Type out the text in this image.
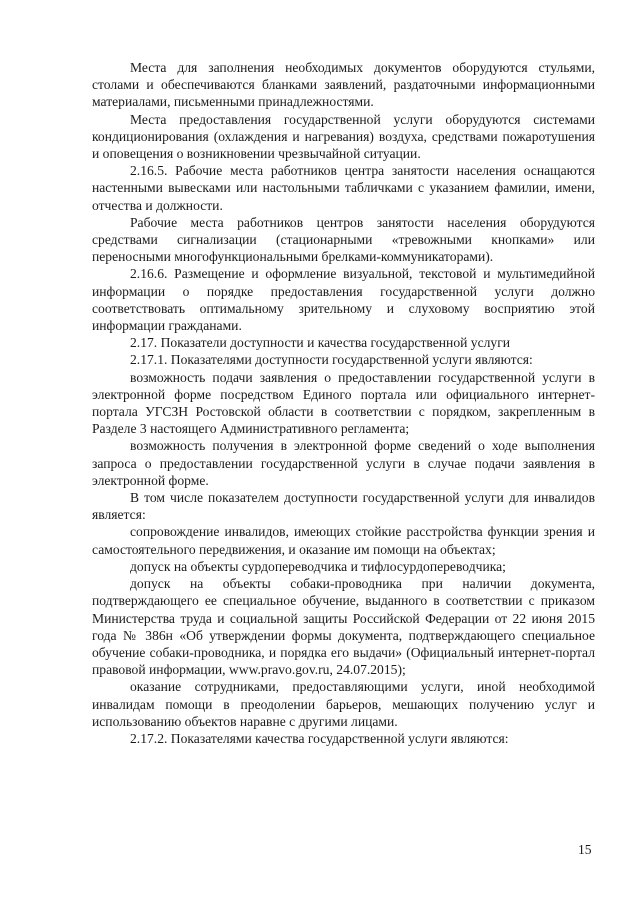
Места для заполнения необходимых документов оборудуются стульями, столами и обеспечиваются бланками заявлений, раздаточными информационными материалами, письменными принадлежностями.

Места предоставления государственной услуги оборудуются системами кондиционирования (охлаждения и нагревания) воздуха, средствами пожаротушения и оповещения о возникновении чрезвычайной ситуации.

2.16.5. Рабочие места работников центра занятости населения оснащаются настенными вывесками или настольными табличками с указанием фамилии, имени, отчества и должности.

Рабочие места работников центров занятости населения оборудуются средствами сигнализации (стационарными «тревожными кнопками» или переносными многофункциональными брелками-коммуникаторами).

2.16.6. Размещение и оформление визуальной, текстовой и мультимедийной информации о порядке предоставления государственной услуги должно соответствовать оптимальному зрительному и слуховому восприятию этой информации гражданами.

2.17. Показатели доступности и качества государственной услуги

2.17.1. Показателями доступности государственной услуги являются:

возможность подачи заявления о предоставлении государственной услуги в электронной форме посредством Единого портала или официального интернет-портала УГСЗН Ростовской области в соответствии с порядком, закрепленным в Разделе 3 настоящего Административного регламента;

возможность получения в электронной форме сведений о ходе выполнения запроса о предоставлении государственной услуги в случае подачи заявления в электронной форме.

В том числе показателем доступности государственной услуги для инвалидов является:

сопровождение инвалидов, имеющих стойкие расстройства функции зрения и самостоятельного передвижения, и оказание им помощи на объектах;

допуск на объекты сурдопереводчика и тифлосурдопереводчика;

допуск на объекты собаки-проводника при наличии документа, подтверждающего ее специальное обучение, выданного в соответствии с приказом Министерства труда и социальной защиты Российской Федерации от 22 июня 2015 года № 386н «Об утверждении формы документа, подтверждающего специальное обучение собаки-проводника, и порядка его выдачи» (Официальный интернет-портал правовой информации, www.pravo.gov.ru, 24.07.2015);

оказание сотрудниками, предоставляющими услуги, иной необходимой инвалидам помощи в преодолении барьеров, мешающих получению услуг и использованию объектов наравне с другими лицами.

2.17.2. Показателями качества государственной услуги являются:

15
